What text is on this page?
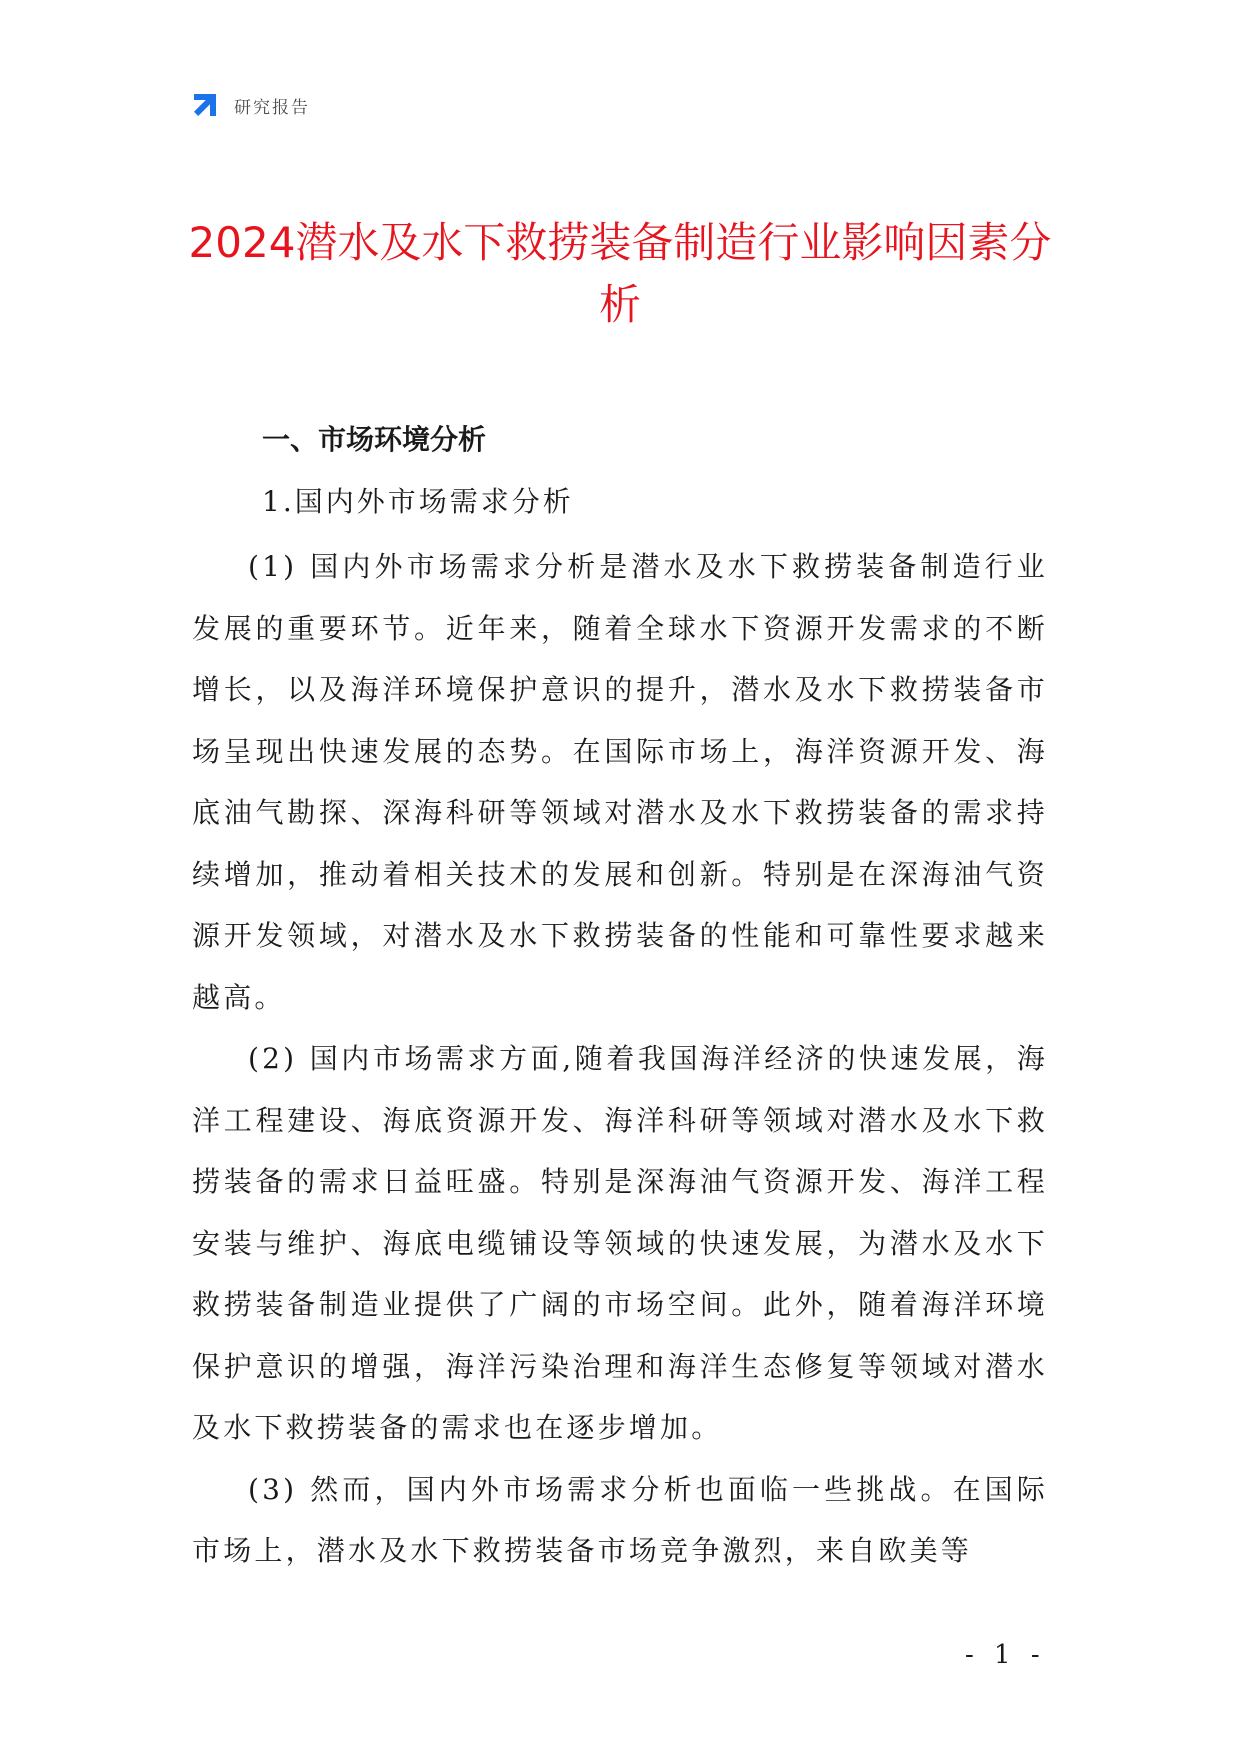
研究报告
2024潜水及水下救捞装备制造行业影响因素分析
一、市场环境分析
1.国内外市场需求分析

(1) 国内外市场需求分析是潜水及水下救捞装备制造行业发展的重要环节。近年来，随着全球水下资源开发需求的不断增长，以及海洋环境保护意识的提升，潜水及水下救捞装备市场呈现出快速发展的态势。在国际市场上，海洋资源开发、海底油气勘探、深海科研等领域对潜水及水下救捞装备的需求持续增加，推动着相关技术的发展和创新。特别是在深海油气资源开发领域，对潜水及水下救捞装备的性能和可靠性要求越来越高。

(2) 国内市场需求方面,随着我国海洋经济的快速发展，海洋工程建设、海底资源开发、海洋科研等领域对潜水及水下救捞装备的需求日益旺盛。特别是深海油气资源开发、海洋工程安装与维护、海底电缆铺设等领域的快速发展，为潜水及水下救捞装备制造业提供了广阔的市场空间。此外，随着海洋环境保护意识的增强，海洋污染治理和海洋生态修复等领域对潜水及水下救捞装备的需求也在逐步增加。

(3) 然而，国内外市场需求分析也面临一些挑战。在国际市场上，潜水及水下救捞装备市场竞争激烈，来自欧美等

- 1 -
